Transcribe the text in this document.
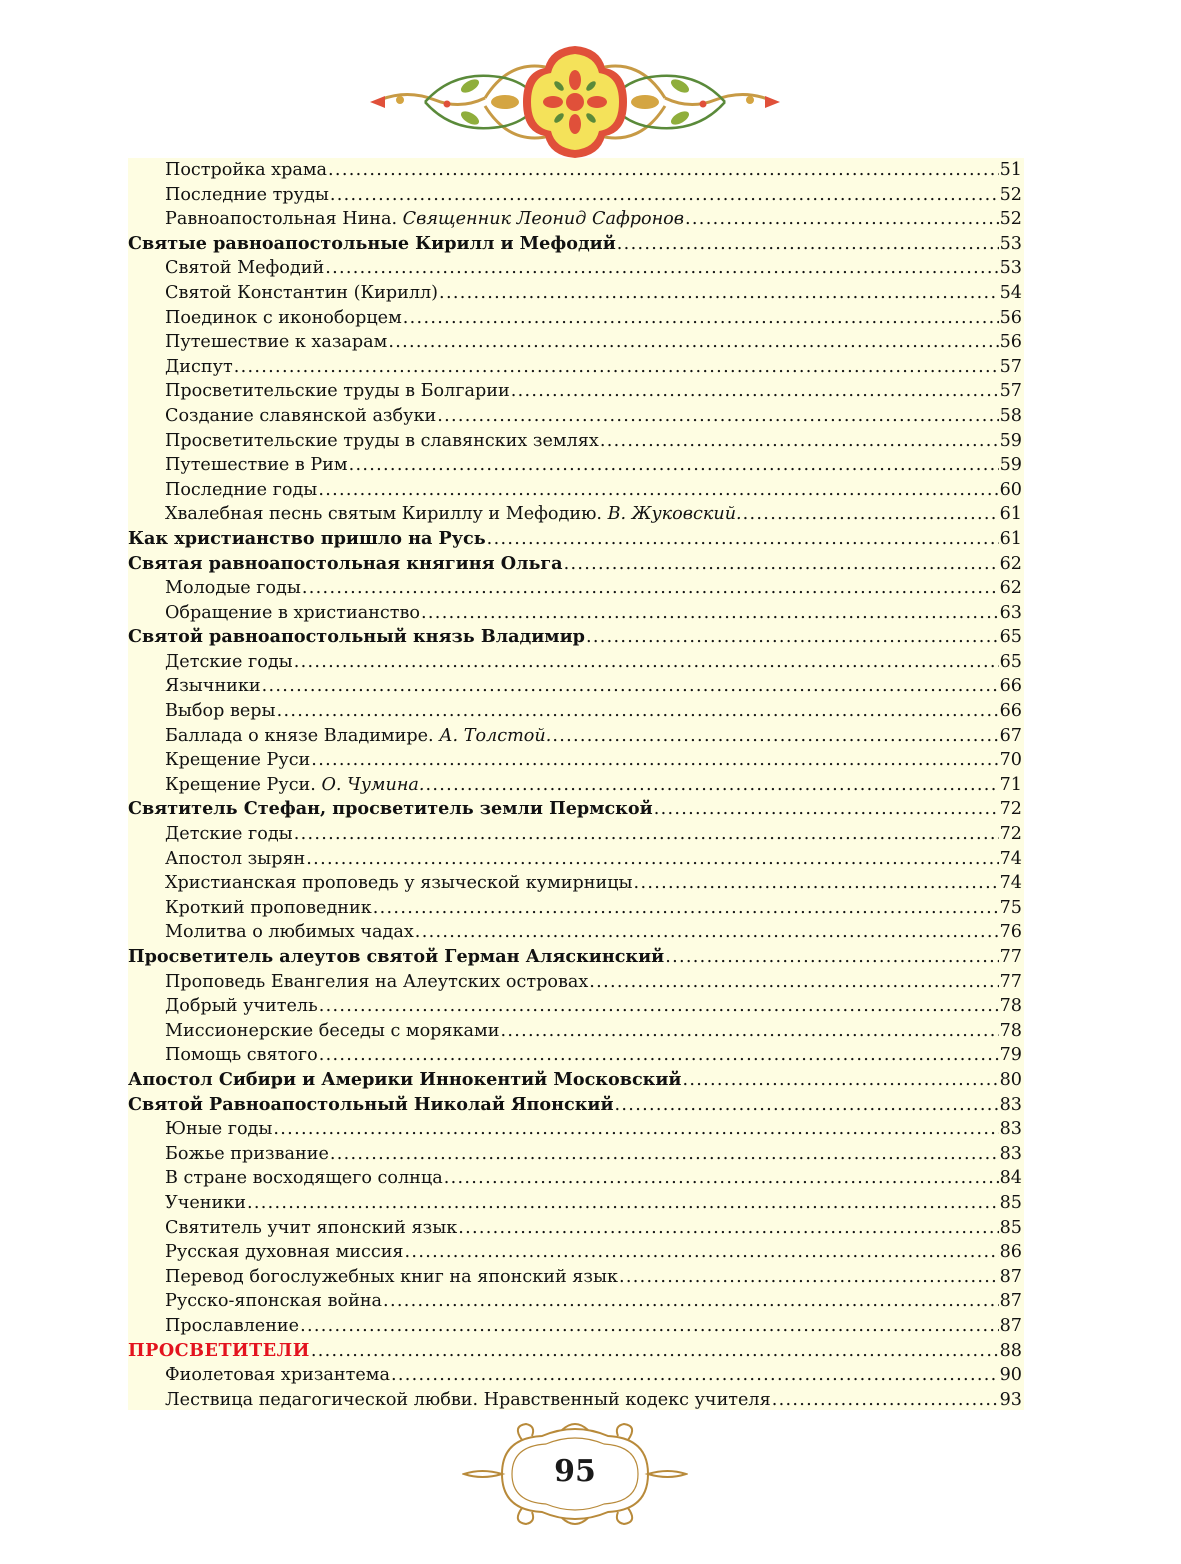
Постройка храма .....	51
Последние труды .....	52
Равноапостольная Нина. Священник Леонид Сафронов .....	52
Святые равноапостольные Кирилл и Мефодий .....	53
Святой Мефодий .....	53
Святой Константин (Кирилл) .....	54
Поединок с иконоборцем .....	56
Путешествие к хазарам .....	56
Диспут .....	57
Просветительские труды в Болгарии .....	57
Создание славянской азбуки .....	58
Просветительские труды в славянских землях .....	59
Путешествие в Рим .....	59
Последние годы .....	60
Хвалебная песнь святым Кириллу и Мефодию. В. Жуковский. .....	61
Как христианство пришло на Русь .....	61
Святая равноапостольная княгиня Ольга .....	62
Молодые годы .....	62
Обращение в христианство .....	63
Святой равноапостольный князь Владимир .....	65
Детские годы .....	65
Язычники .....	66
Выбор веры .....	66
Баллада о князе Владимире. А. Толстой. .....	67
Крещение Руси .....	70
Крещение Руси. О. Чумина. .....	71
Святитель Стефан, просветитель земли Пермской .....	72
Детские годы .....	72
Апостол зырян .....	74
Христианская проповедь у языческой кумирницы .....	74
Кроткий проповедник .....	75
Молитва о любимых чадах .....	76
Просветитель алеутов святой Герман Аляскинский .....	77
Проповедь Евангелия на Алеутских островах .....	77
Добрый учитель .....	78
Миссионерские беседы с моряками .....	78
Помощь святого .....	79
Апостол Сибири и Америки Иннокентий Московский .....	80
Святой Равноапостольный Николай Японский .....	83
Юные годы .....	83
Божье призвание .....	83
В стране восходящего солнца .....	84
Ученики .....	85
Святитель учит японский язык .....	85
Русская духовная миссия .....	86
Перевод богослужебных книг на японский язык .....	87
Русско-японская война .....	87
Прославление .....	87
ПРОСВЕТИТЕЛИ .....	88
Фиолетовая хризантема .....	90
Лествица педагогической любви. Нравственный кодекс учителя .....	93
95
